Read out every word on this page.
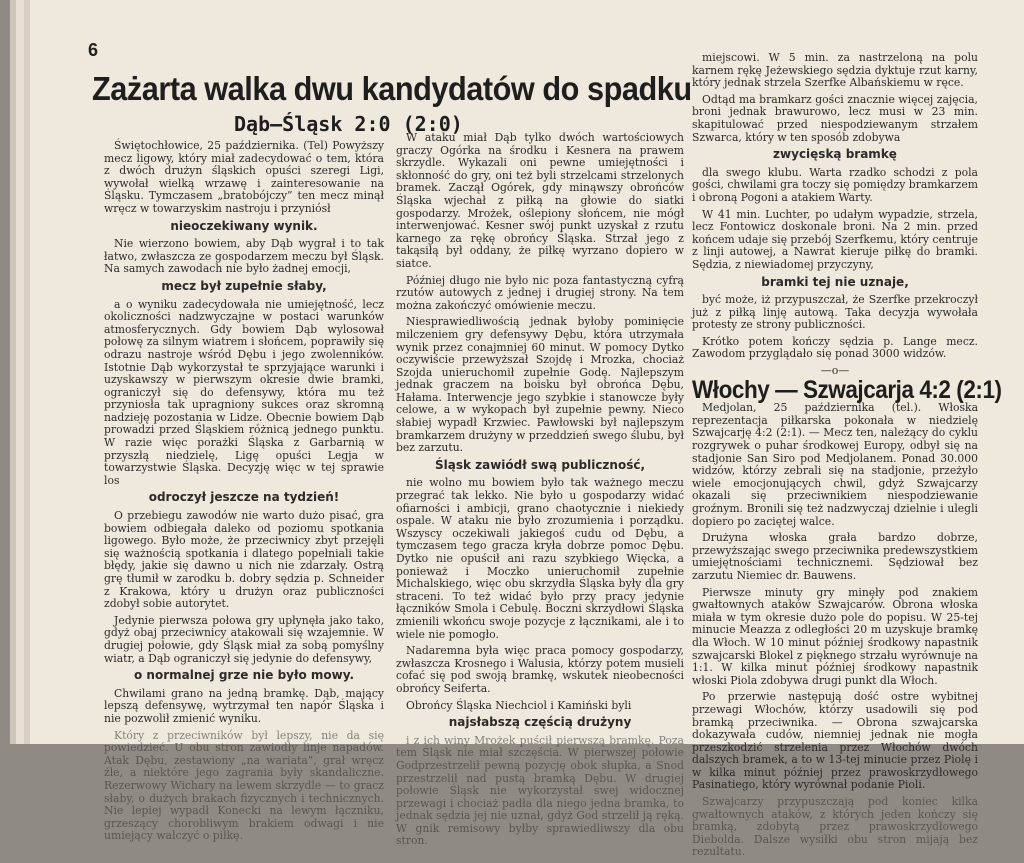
6
Zażarta walka dwu kandydatów do spadku
Dąb—Śląsk 2:0 (2:0)

Świętochłowice, 25 października. (Tel) Powyższy mecz ligowy, który miał zadecydować o tem, która z dwóch drużyn śląskich opuści szeregi Ligi, wywołał wielką wrzawę i zainteresowanie na Śląsku. Tymczasem „bratobójczy” ten mecz minął wręcz w towarzyskim nastroju i przyniósł

nieoczekiwany wynik.

Nie wierzono bowiem, aby Dąb wygrał i to tak łatwo, zwłaszcza ze gospodarzem meczu był Śląsk. Na samych zawodach nie było żadnej emocji,

mecz był zupełnie słaby,

a o wyniku zadecydowała nie umiejętność, lecz okoliczności nadzwyczajne w postaci warunków atmosferycznych. Gdy bowiem Dąb wylosował połowę za silnym wiatrem i słońcem, poprawiły się odrazu nastroje wśród Dębu i jego zwolenników. Istotnie Dąb wykorzystał te sprzyjające warunki i uzyskawszy w pierwszym okresie dwie bramki, ograniczył się do defensywy, która mu też przyniosła tak upragniony sukces oraz skromną nadzieję pozostania w Lidze. Obecnie bowiem Dąb prowadzi przed Śląskiem różnicą jednego punktu. W razie więc porażki Śląska z Garbarnią w przyszłą niedzielę, Ligę opuści Legja w towarzystwie Śląska. Decyzję więc w tej sprawie los

odroczył jeszcze na tydzień!

O przebiegu zawodów nie warto dużo pisać, gra bowiem odbiegała daleko od poziomu spotkania ligowego. Było może, że przeciwnicy zbyt przejęli się ważnością spotkania i dlatego popełniali takie błędy, jakie się dawno u nich nie zdarzały. Ostrą grę tłumił w zarodku b. dobry sędzia p. Schneider z Krakowa, który u drużyn oraz publiczności zdobył sobie autorytet.

Jedynie pierwsza połowa gry upłynęła jako tako, gdyż obaj przeciwnicy atakowali się wzajemnie. W drugiej połowie, gdy Śląsk miał za sobą pomyślny wiatr, a Dąb ograniczył się jedynie do defensywy,

o normalnej grze nie było mowy.

Chwilami grano na jedną bramkę. Dąb, mający lepszą defensywę, wytrzymał ten napór Śląska i nie pozwolił zmienić wyniku.

Który z przeciwników był lepszy, nie da się powiedzieć. U obu stron zawiodły linje napadów. Atak Dębu, zestawiony „na wariata”, grał wręcz źle, a niektóre jego zagrania były skandaliczne. Rezerwowy Wichary na lewem skrzydle — to gracz słaby, o dużych brakach fizycznych i technicznych. Nie lepiej wypadł Konecki na lewym łączniku, grzeszący chorobliwym brakiem odwagi i nie umiejący walczyć o piłkę.

W ataku miał Dąb tylko dwóch wartościowych graczy Ogórka na środku i Kesnera na prawem skrzydle. Wykazali oni pewne umiejętności i skłonność do gry, oni też byli strzelcami strzelonych bramek. Zaczął Ogórek, gdy minąwszy obrońców Śląska wjechał z piłką na głowie do siatki gospodarzy. Mrożek, oślepiony słońcem, nie mógł interwenjować. Kesner swój punkt uzyskał z rzutu karnego za rękę obrońcy Śląska. Strzał jego z takąsiłą był oddany, że piłkę wyrzano dopiero w siatce.

Później długo nie było nic poza fantastyczną cyfrą rzutów autowych z jednej i drugiej strony. Na tem można zakończyć omówienie meczu.

Niesprawiedliwością jednak byłoby pominięcie milczeniem gry defensywy Dębu, która utrzymała wynik przez conajmniej 60 minut. W pomocy Dytko oczywiście przewyższał Szojdę i Mrozka, chociaż Szojda unieruchomił zupełnie Godę. Najlepszym jednak graczem na boisku był obrońca Dębu, Hałama. Interwencje jego szybkie i stanowcze były celowe, a w wykopach był zupełnie pewny. Nieco słabiej wypadł Krzwiec. Pawłowski był najlepszym bramkarzem drużyny w przeddzień swego ślubu, był bez zarzutu.

Śląsk zawiódł swą publiczność,

nie wolno mu bowiem było tak ważnego meczu przegrać tak lekko. Nie było u gospodarzy widać ofiarności i ambicji, grano chaotycznie i niekiedy ospale. W ataku nie było zrozumienia i porządku. Wszyscy oczekiwali jakiegoś cudu od Dębu, a tymczasem tego gracza kryła dobrze pomoc Dębu. Dytko nie opuścił ani razu szybkiego Więcka, a ponieważ i Moczko unieruchomił zupełnie Michalskiego, więc obu skrzydła Śląska były dla gry straceni. To też widać było przy pracy jedynie łączników Smola i Cebulę. Boczni skrzydłowi Śląska zmienili wkońcu swoje pozycje z łącznikami, ale i to wiele nie pomogło.

Nadaremna była więc praca pomocy gospodarzy, zwłaszcza Krosnego i Walusia, którzy potem musieli cofać się pod swoją bramkę, wskutek nieobecności obrońcy Seiferta.

Obrońcy Śląska Niechciol i Kamiński byli

najsłabszą częścią drużyny

i z ich winy Mrożek puścił pierwszą bramkę. Poza tem Śląsk nie miał szczęścia. W pierwszej połowie Godprzestrzelił pewną pozycję obok słupka, a Snod przestrzelił nad pustą bramką Dębu. W drugiej połowie Śląsk nie wykorzystał swej widocznej przewagi i chociaż padła dla niego jedna bramka, to jednak sędzia jej nie uznał, gdyż God strzelił ją ręką. W gnik remisowy byłby sprawiedliwszy dla obu stron.

miejscowi. W 5 min. za nastrzeloną na polu karnem rękę Jeżewskiego sędzia dyktuje rzut karny, który jednak strzela Szerfke Albańskiemu w ręce.

Odtąd ma bramkarz gości znacznie więcej zajęcia, broni jednak brawurowo, lecz musi w 23 min. skapitulować przed niespodziewanym strzałem Szwarca, który w ten sposób zdobywa

zwycięską bramkę

dla swego klubu. Warta rzadko schodzi z pola gości, chwilami gra toczy się pomiędzy bramkarzem i obroną Pogoni a atakiem Warty.

W 41 min. Luchter, po udałym wypadzie, strzela, lecz Fontowicz doskonale broni. Na 2 min. przed końcem udaje się przebój Szerfkemu, który centruje z linji autowej, a Nawrat kieruje piłkę do bramki. Sędzia, z niewiadomej przyczyny,

bramki tej nie uznaje,

być może, iż przypuszczał, że Szerfke przekroczył już z piłką linję autową. Taka decyzja wywołała protesty ze strony publiczności.

Krótko potem kończy sędzia p. Lange mecz. Zawodom przyglądało się ponad 3000 widzów.

—o—
Włochy — Szwajcarja 4:2 (2:1)

Medjolan, 25 października (tel.). Włoska reprezentacja piłkarska pokonała w niedzielę Szwajcarję 4:2 (2:1). — Mecz ten, należący do cyklu rozgrywek o puhar środkowej Europy, odbył się na stadjonie San Siro pod Medjolanem. Ponad 30.000 widzów, którzy zebrali się na stadjonie, przeżyło wiele emocjonujących chwil, gdyż Szwajcarzy okazali się przeciwnikiem niespodziewanie groźnym. Bronili się też nadzwyczaj dzielnie i ulegli dopiero po zaciętej walce.

Drużyna włoska grała bardzo dobrze, przewyższając swego przeciwnika predewszystkiem umiejętnościami technicznemi. Sędziował bez zarzutu Niemiec dr. Bauwens.

Pierwsze minuty gry minęły pod znakiem gwałtownych ataków Szwajcarów. Obrona włoska miała w tym okresie dużo pole do popisu. W 25-tej minucie Meazza z odległości 20 m uzyskuje bramkę dla Włoch. W 10 minut później środkowy napastnik szwajcarski Blokel z pięknego strzału wyrównuje na 1:1. W kilka minut później środkowy napastnik włoski Piola zdobywa drugi punkt dla Włoch.

Po przerwie następują dość ostre wybitnej przewagi Włochów, którzy usadowili się pod bramką przeciwnika. — Obrona szwajcarska dokazywała cudów, niemniej jednak nie mogła przeszkodzić strzelenia przez Włochów dwóch dalszych bramek, a to w 13-tej minucie przez Piolę i w kilka minut później przez prawoskrzydłowego Pasinatiego, który wyrównał podanie Pioli.

Szwajcarzy przypuszczają pod koniec kilka gwałtownych ataków, z których jeden kończy się bramką, zdobytą przez prawoskrzydłowego Diebolda. Dalsze wysiłki obu stron mijają bez rezultatu.
